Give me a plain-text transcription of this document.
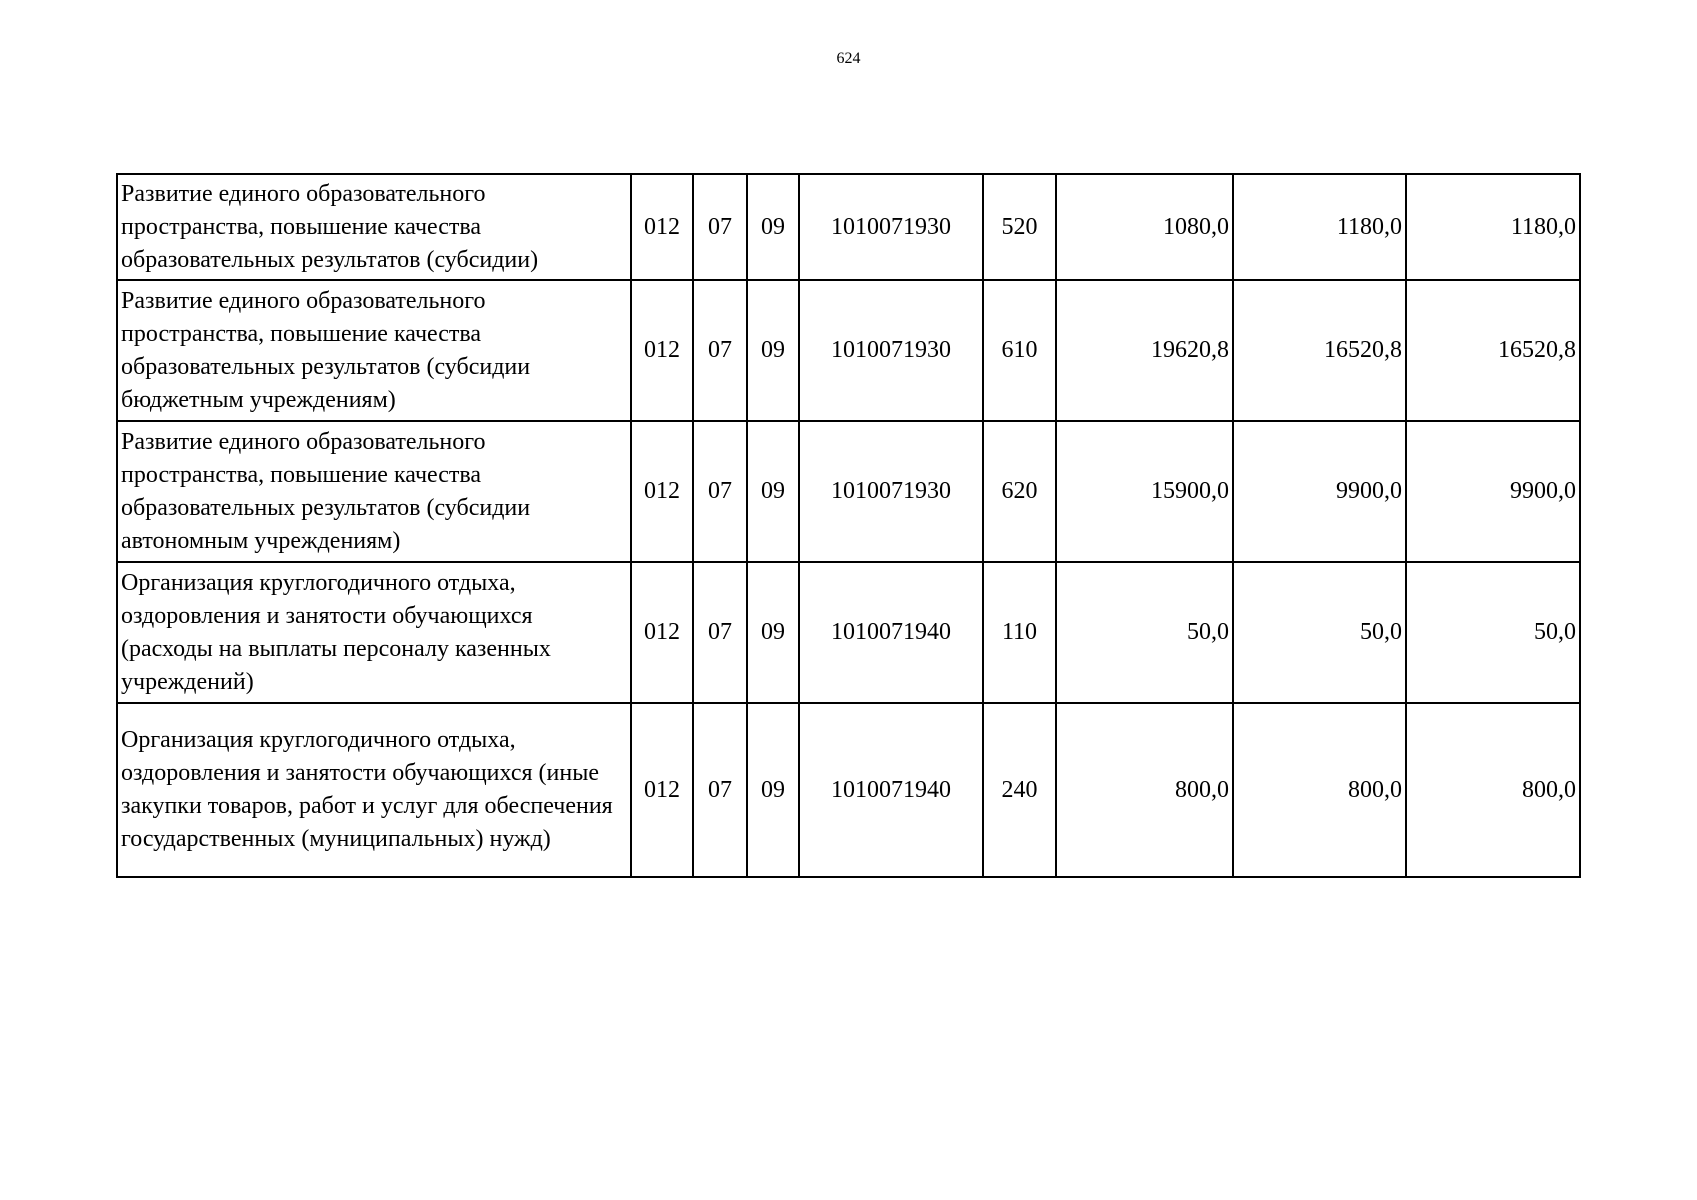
624
Развитие единого образовательного пространства, повышение качества образовательных результатов (субсидии)	012	07	09	1010071930	520	1080,0	1180,0	1180,0
Развитие единого образовательного пространства, повышение качества образовательных результатов (субсидии бюджетным учреждениям)	012	07	09	1010071930	610	19620,8	16520,8	16520,8
Развитие единого образовательного пространства, повышение качества образовательных результатов (субсидии автономным учреждениям)	012	07	09	1010071930	620	15900,0	9900,0	9900,0
Организация круглогодичного отдыха, оздоровления и занятости обучающихся (расходы на выплаты персоналу казенных учреждений)	012	07	09	1010071940	110	50,0	50,0	50,0
Организация круглогодичного отдыха, оздоровления и занятости обучающихся (иные закупки товаров, работ и услуг для обеспечения государственных (муниципальных) нужд)	012	07	09	1010071940	240	800,0	800,0	800,0
